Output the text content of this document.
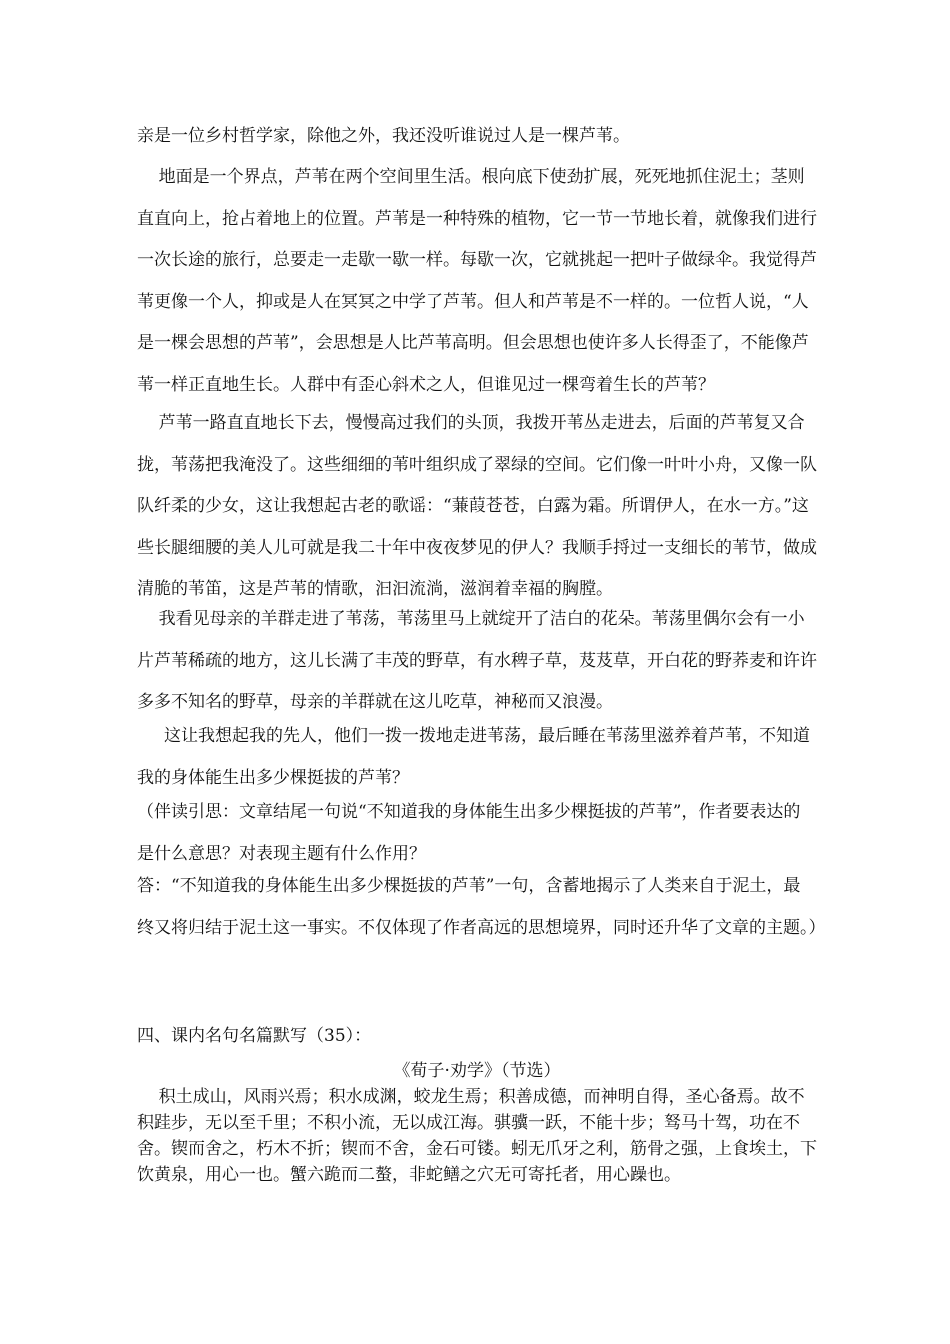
亲是一位乡村哲学家，除他之外，我还没听谁说过人是一棵芦苇。

地面是一个界点，芦苇在两个空间里生活。根向底下使劲扩展，死死地抓住泥土；茎则直直向上，抢占着地上的位置。芦苇是一种特殊的植物，它一节一节地长着，就像我们进行一次长途的旅行，总要走一走歇一歇一样。每歇一次，它就挑起一把叶子做绿伞。我觉得芦苇更像一个人，抑或是人在冥冥之中学了芦苇。但人和芦苇是不一样的。一位哲人说，“人是一棵会思想的芦苇”，会思想是人比芦苇高明。但会思想也使许多人长得歪了，不能像芦苇一样正直地生长。人群中有歪心斜术之人，但谁见过一棵弯着生长的芦苇？

芦苇一路直直地长下去，慢慢高过我们的头顶，我拨开苇丛走进去，后面的芦苇复又合拢，苇荡把我淹没了。这些细细的苇叶组织成了翠绿的空间。它们像一叶叶小舟，又像一队队纤柔的少女，这让我想起古老的歌谣：“蒹葭苍苍，白露为霜。所谓伊人，在水一方。”这些长腿细腰的美人儿可就是我二十年中夜夜梦见的伊人？我顺手捋过一支细长的苇节，做成清脆的苇笛，这是芦苇的情歌，汩汩流淌，滋润着幸福的胸膛。

我看见母亲的羊群走进了苇荡，苇荡里马上就绽开了洁白的花朵。苇荡里偶尔会有一小片芦苇稀疏的地方，这儿长满了丰茂的野草，有水稗子草，芨芨草，开白花的野荞麦和许许多多不知名的野草，母亲的羊群就在这儿吃草，神秘而又浪漫。

这让我想起我的先人，他们一拨一拨地走进苇荡，最后睡在苇荡里滋养着芦苇，不知道我的身体能生出多少棵挺拔的芦苇？

（伴读引思：文章结尾一句说“不知道我的身体能生出多少棵挺拔的芦苇”，作者要表达的是什么意思？对表现主题有什么作用？

答：“不知道我的身体能生出多少棵挺拔的芦苇”一句，含蓄地揭示了人类来自于泥土，最终又将归结于泥土这一事实。不仅体现了作者高远的思想境界，同时还升华了文章的主题。）

四、课内名句名篇默写（35）：

《荀子·劝学》（节选）

积土成山，风雨兴焉；积水成渊，蛟龙生焉；积善成德，而神明自得，圣心备焉。故不积跬步，无以至千里；不积小流，无以成江海。骐骥一跃，不能十步；驽马十驾，功在不舍。锲而舍之，朽木不折；锲而不舍，金石可镂。蚓无爪牙之利，筋骨之强，上食埃土，下饮黄泉，用心一也。蟹六跪而二螯，非蛇鳝之穴无可寄托者，用心躁也。
